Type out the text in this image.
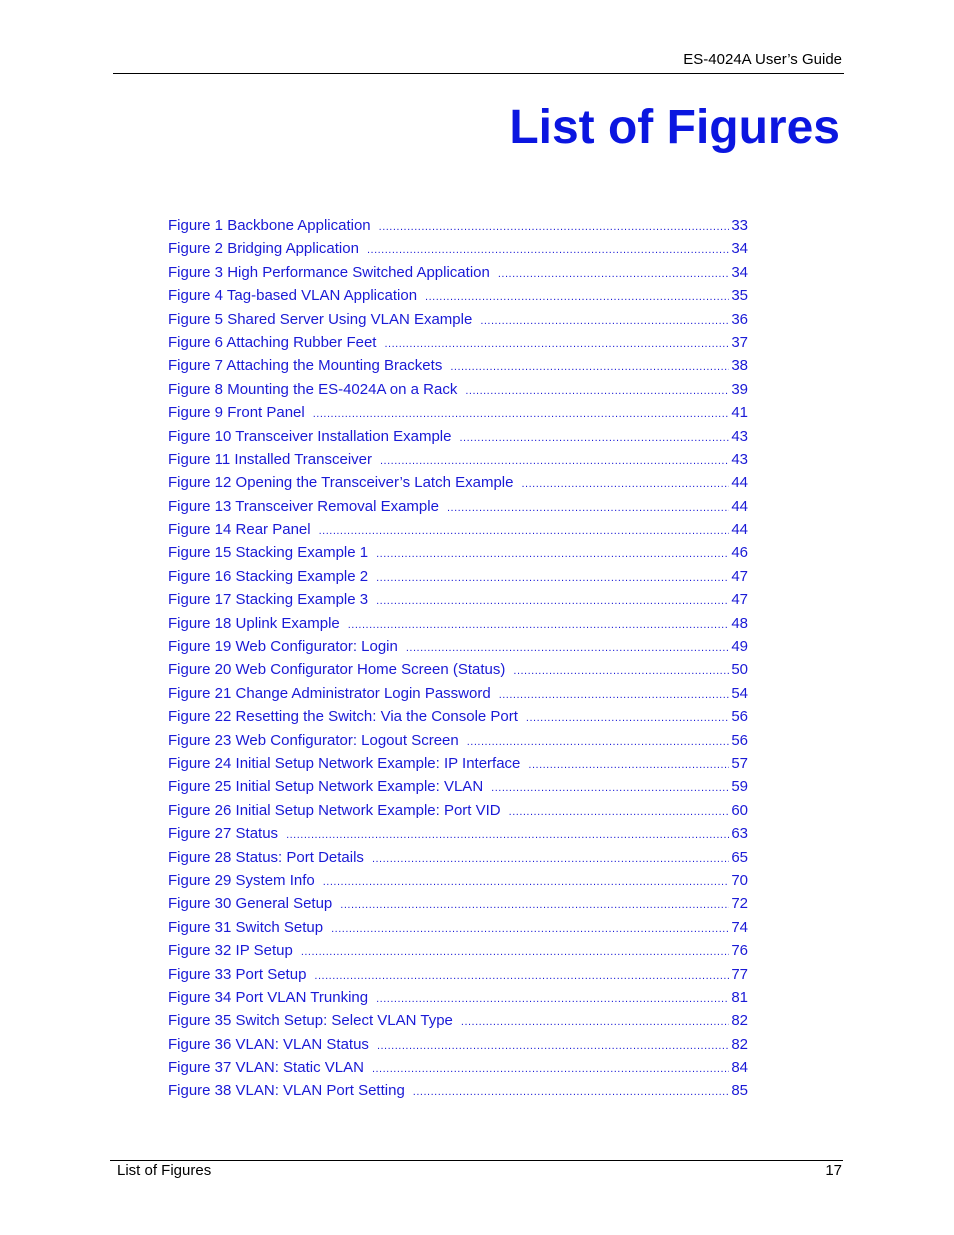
ES-4024A User’s Guide
List of Figures
Figure 1 Backbone Application .....	33
Figure 2 Bridging Application .....	34
Figure 3 High Performance Switched Application .....	34
Figure 4 Tag-based VLAN Application .....	35
Figure 5 Shared Server Using VLAN Example .....	36
Figure 6 Attaching Rubber Feet .....	37
Figure 7 Attaching the Mounting Brackets .....	38
Figure 8 Mounting the ES-4024A on a Rack .....	39
Figure 9 Front Panel .....	41
Figure 10 Transceiver Installation Example .....	43
Figure 11 Installed Transceiver .....	43
Figure 12 Opening the Transceiver’s Latch Example .....	44
Figure 13 Transceiver Removal Example .....	44
Figure 14 Rear Panel .....	44
Figure 15 Stacking Example 1 .....	46
Figure 16 Stacking Example 2 .....	47
Figure 17 Stacking Example 3 .....	47
Figure 18 Uplink Example .....	48
Figure 19 Web Configurator: Login .....	49
Figure 20 Web Configurator Home Screen (Status) .....	50
Figure 21 Change Administrator Login Password .....	54
Figure 22 Resetting the Switch: Via the Console Port .....	56
Figure 23 Web Configurator: Logout Screen .....	56
Figure 24 Initial Setup Network Example: IP Interface .....	57
Figure 25 Initial Setup Network Example: VLAN .....	59
Figure 26 Initial Setup Network Example: Port VID .....	60
Figure 27 Status .....	63
Figure 28 Status: Port Details .....	65
Figure 29 System Info .....	70
Figure 30 General Setup .....	72
Figure 31 Switch Setup .....	74
Figure 32 IP Setup .....	76
Figure 33 Port Setup .....	77
Figure 34 Port VLAN Trunking .....	81
Figure 35 Switch Setup: Select VLAN Type .....	82
Figure 36 VLAN: VLAN Status .....	82
Figure 37 VLAN: Static VLAN .....	84
Figure 38 VLAN: VLAN Port Setting .....	85
List of Figures	17
